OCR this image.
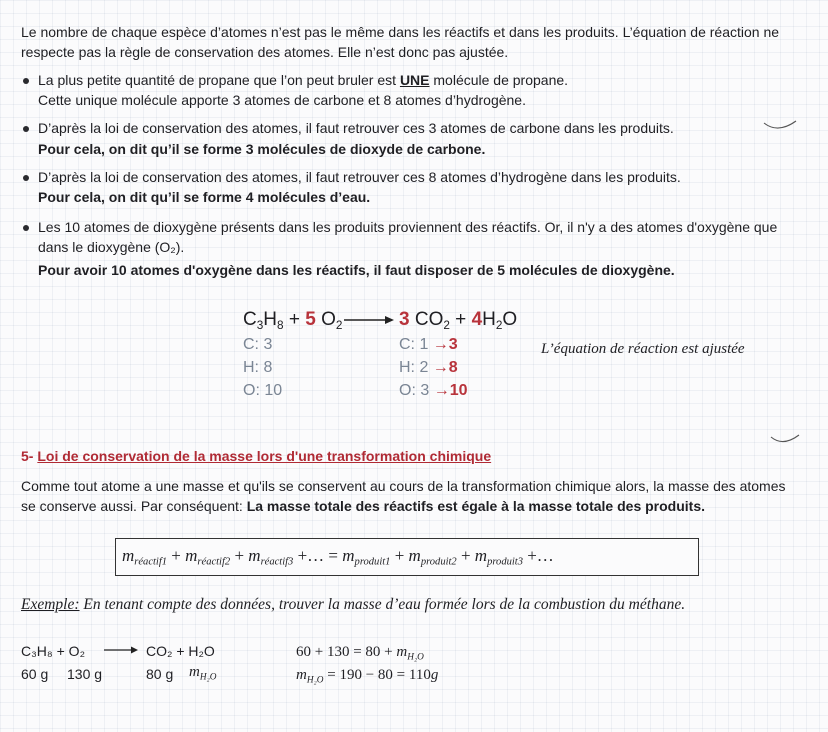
Le nombre de chaque espèce d’atomes n’est pas le même dans les réactifs et dans les produits. L’équation de réaction ne
respecte pas la règle de conservation des atomes. Elle n’est donc pas ajustée.
La plus petite quantité de propane que l’on peut bruler est UNE molécule de propane.
Cette unique molécule apporte 3 atomes de carbone et 8 atomes d’hydrogène.
D’après la loi de conservation des atomes, il faut retrouver ces 3 atomes de carbone dans les produits.
Pour cela, on dit qu’il se forme 3 molécules de dioxyde de carbone.
D’après la loi de conservation des atomes, il faut retrouver ces 8 atomes d’hydrogène dans les produits.
Pour cela, on dit qu’il se forme 4 molécules d’eau.
Les 10 atomes de dioxygène présents dans les produits proviennent des réactifs. Or, il n'y a des atomes d'oxygène que
dans le dioxygène (O₂).
Pour avoir 10 atomes d'oxygène dans les réactifs, il faut disposer de 5 molécules de dioxygène.
$C_3H_8 + 5$ $O_2 \to 3$ $CO_2 + 4H_2O$
C: 3
H: 8
O: 10
C: 1 →3
H: 2 →8
O: 3 →10
L’équation de réaction est ajustée
5- Loi de conservation de la masse lors d'une transformation chimique
Comme tout atome a une masse et qu'ils se conservent au cours de la transformation chimique alors, la masse des atomes
se conserve aussi. Par conséquent: La masse totale des réactifs est égale à la masse totale des produits.
$m_{réactif1} + m_{réactif2} + m_{réactif3}$ +… = $m_{produit1} + m_{produit2} + m_{produit3}$ +…
Exemple: En tenant compte des données, trouver la masse d’eau formée lors de la combustion du méthane.
C₃H₈ + O₂	CO₂ + H₂O
60 g 130 g	80 g $m_{H_2O}$
$60 + 130 = 80 + m_{H_2O}$
$m_{H_2O} = 190 - 80 = 110g$
